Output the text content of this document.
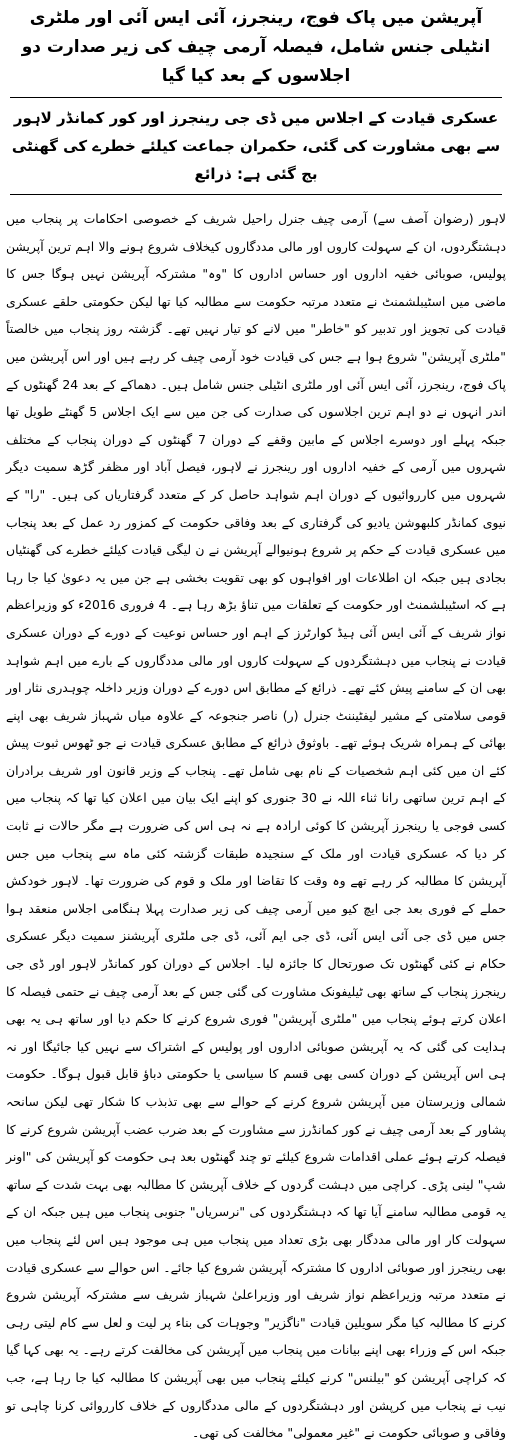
آپریشن میں پاک فوج، رینجرز، آئی ایس آئی اور ملٹری انٹیلی جنس شامل، فیصلہ آرمی چیف کی زیر صدارت دو اجلاسوں کے بعد کیا گیا
عسکری قیادت کے اجلاس میں ڈی جی رینجرز اور کور کمانڈر لاہور سے بھی مشاورت کی گئی، حکمران جماعت کیلئے خطرے کی گھنٹی بج گئی ہے: ذرائع

لاہور (رضوان آصف سے) آرمی چیف جنرل راحیل شریف کے خصوصی احکامات پر پنجاب میں دہشتگردوں، ان کے سہولت کاروں اور مالی مددگاروں کیخلاف شروع ہونے والا اہم ترین آپریشن پولیس، صوبائی خفیہ اداروں اور حساس اداروں کا "وہ" مشترکہ آپریشن نہیں ہوگا جس کا ماضی میں اسٹیبلشمنٹ نے متعدد مرتبہ حکومت سے مطالبہ کیا تھا لیکن حکومتی حلقے عسکری قیادت کی تجویز اور تدبیر کو "خاطر" میں لانے کو تیار نہیں تھے۔ گزشتہ روز پنجاب میں خالصتاً "ملٹری آپریشن" شروع ہوا ہے جس کی قیادت خود آرمی چیف کر رہے ہیں اور اس آپریشن میں پاک فوج، رینجرز، آئی ایس آئی اور ملٹری انٹیلی جنس شامل ہیں۔ دھماکے کے بعد 24 گھنٹوں کے اندر انہوں نے دو اہم ترین اجلاسوں کی صدارت کی جن میں سے ایک اجلاس 5 گھنٹے طویل تھا جبکہ پہلے اور دوسرے اجلاس کے مابین وقفے کے دوران 7 گھنٹوں کے دوران پنجاب کے مختلف شہروں میں آرمی کے خفیہ اداروں اور رینجرز نے لاہور، فیصل آباد اور مظفر گڑھ سمیت دیگر شہروں میں کارروائیوں کے دوران اہم شواہد حاصل کر کے متعدد گرفتاریاں کی ہیں۔ "را" کے نیوی کمانڈر کلبھوشن یادیو کی گرفتاری کے بعد وفاقی حکومت کے کمزور رد عمل کے بعد پنجاب میں عسکری قیادت کے حکم پر شروع ہونیوالے آپریشن نے ن لیگی قیادت کیلئے خطرے کی گھنٹیاں بجادی ہیں جبکہ ان اطلاعات اور افواہوں کو بھی تقویت بخشی ہے جن میں یہ دعویٰ کیا جا رہا ہے کہ اسٹیبلشمنٹ اور حکومت کے تعلقات میں تناؤ بڑھ رہا ہے۔ 4 فروری 2016ء کو وزیراعظم نواز شریف کے آئی ایس آئی ہیڈ کوارٹرز کے اہم اور حساس نوعیت کے دورے کے دوران عسکری قیادت نے پنجاب میں دہشتگردوں کے سہولت کاروں اور مالی مددگاروں کے بارے میں اہم شواہد بھی ان کے سامنے پیش کئے تھے۔ ذرائع کے مطابق اس دورے کے دوران وزیر داخلہ چوہدری نثار اور قومی سلامتی کے مشیر لیفٹیننٹ جنرل (ر) ناصر جنجوعہ کے علاوہ میاں شہباز شریف بھی اپنے بھائی کے ہمراہ شریک ہوئے تھے۔ باوثوق ذرائع کے مطابق عسکری قیادت نے جو ٹھوس ثبوت پیش کئے ان میں کئی اہم شخصیات کے نام بھی شامل تھے۔ پنجاب کے وزیر قانون اور شریف برادران کے اہم ترین ساتھی رانا ثناء اللہ نے 30 جنوری کو اپنے ایک بیان میں اعلان کیا تھا کہ پنجاب میں کسی فوجی یا رینجرز آپریشن کا کوئی ارادہ ہے نہ ہی اس کی ضرورت ہے مگر حالات نے ثابت کر دیا کہ عسکری قیادت اور ملک کے سنجیدہ طبقات گزشتہ کئی ماہ سے پنجاب میں جس آپریشن کا مطالبہ کر رہے تھے وہ وقت کا تقاضا اور ملک و قوم کی ضرورت تھا۔ لاہور خودکش حملے کے فوری بعد جی ایچ کیو میں آرمی چیف کی زیر صدارت پہلا ہنگامی اجلاس منعقد ہوا جس میں ڈی جی آئی ایس آئی، ڈی جی ایم آئی، ڈی جی ملٹری آپریشنز سمیت دیگر عسکری حکام نے کئی گھنٹوں تک صورتحال کا جائزہ لیا۔ اجلاس کے دوران کور کمانڈر لاہور اور ڈی جی رینجرز پنجاب کے ساتھ بھی ٹیلیفونک مشاورت کی گئی جس کے بعد آرمی چیف نے حتمی فیصلہ کا اعلان کرتے ہوئے پنجاب میں "ملٹری آپریشن" فوری شروع کرنے کا حکم دیا اور ساتھ ہی یہ بھی ہدایت کی گئی کہ یہ آپریشن صوبائی اداروں اور پولیس کے اشتراک سے نہیں کیا جائیگا اور نہ ہی اس آپریشن کے دوران کسی بھی قسم کا سیاسی یا حکومتی دباؤ قابل قبول ہوگا۔ حکومت شمالی وزیرستان میں آپریشن شروع کرنے کے حوالے سے بھی تذبذب کا شکار تھی لیکن سانحہ پشاور کے بعد آرمی چیف نے کور کمانڈرز سے مشاورت کے بعد ضرب عضب آپریشن شروع کرنے کا فیصلہ کرتے ہوئے عملی اقدامات شروع کیلئے تو چند گھنٹوں بعد ہی حکومت کو آپریشن کی "اونر شپ" لینی پڑی۔ کراچی میں دہشت گردوں کے خلاف آپریشن کا مطالبہ بھی بہت شدت کے ساتھ یہ قومی مطالبہ سامنے آیا تھا کہ دہشتگردوں کی "نرسریاں" جنوبی پنجاب میں ہیں جبکہ ان کے سہولت کار اور مالی مددگار بھی بڑی تعداد میں پنجاب میں ہی موجود ہیں اس لئے پنجاب میں بھی رینجرز اور صوبائی اداروں کا مشترکہ آپریشن شروع کیا جائے۔ اس حوالے سے عسکری قیادت نے متعدد مرتبہ وزیراعظم نواز شریف اور وزیراعلیٰ شہباز شریف سے مشترکہ آپریشن شروع کرنے کا مطالبہ کیا مگر سویلین قیادت "ناگزیر" وجوہات کی بناء پر لیت و لعل سے کام لیتی رہی جبکہ اس کے وزراء بھی اپنے بیانات میں پنجاب میں آپریشن کی مخالفت کرتے رہے۔ یہ بھی کہا گیا کہ کراچی آپریشن کو "بیلنس" کرنے کیلئے پنجاب میں بھی آپریشن کا مطالبہ کیا جا رہا ہے، جب نیب نے پنجاب میں کرپشن اور دہشتگردوں کے مالی مددگاروں کے خلاف کارروائی کرنا چاہی تو وفاقی و صوبائی حکومت نے "غیر معمولی" مخالفت کی تھی۔
